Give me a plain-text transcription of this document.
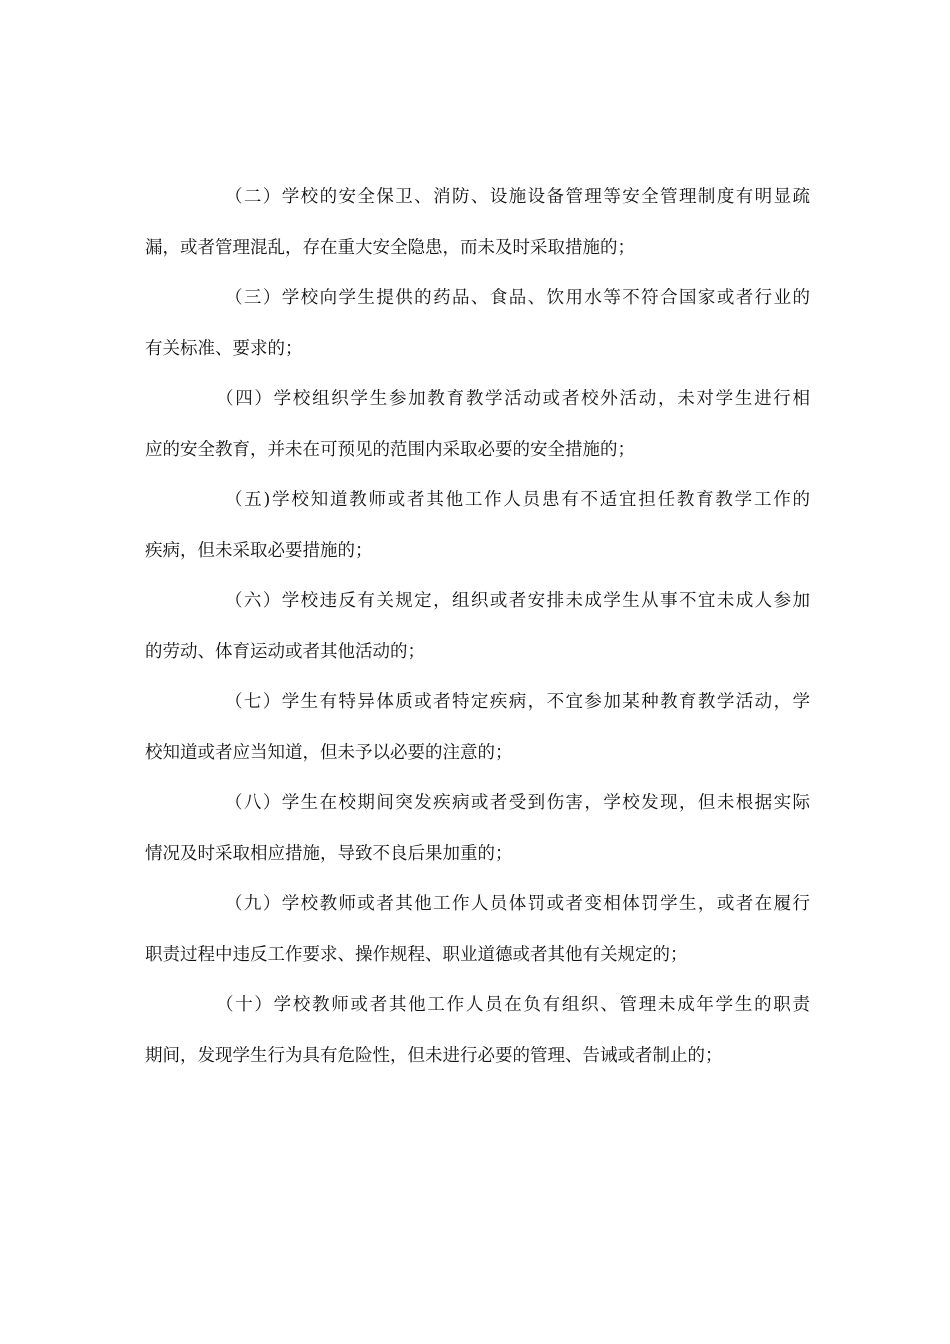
（二）学校的安全保卫、消防、设施设备管理等安全管理制度有明显疏
漏，或者管理混乱，存在重大安全隐患，而未及时采取措施的；
（三）学校向学生提供的药品、食品、饮用水等不符合国家或者行业的
有关标准、要求的；
（四）学校组织学生参加教育教学活动或者校外活动，未对学生进行相
应的安全教育，并未在可预见的范围内采取必要的安全措施的；
（五)学校知道教师或者其他工作人员患有不适宜担任教育教学工作的
疾病，但未采取必要措施的；
（六）学校违反有关规定，组织或者安排未成学生从事不宜未成人参加
的劳动、体育运动或者其他活动的；
（七）学生有特异体质或者特定疾病，不宜参加某种教育教学活动，学
校知道或者应当知道，但未予以必要的注意的；
（八）学生在校期间突发疾病或者受到伤害，学校发现，但未根据实际
情况及时采取相应措施，导致不良后果加重的；
（九）学校教师或者其他工作人员体罚或者变相体罚学生，或者在履行
职责过程中违反工作要求、操作规程、职业道德或者其他有关规定的；
（十）学校教师或者其他工作人员在负有组织、管理未成年学生的职责
期间，发现学生行为具有危险性，但未进行必要的管理、告诫或者制止的；
